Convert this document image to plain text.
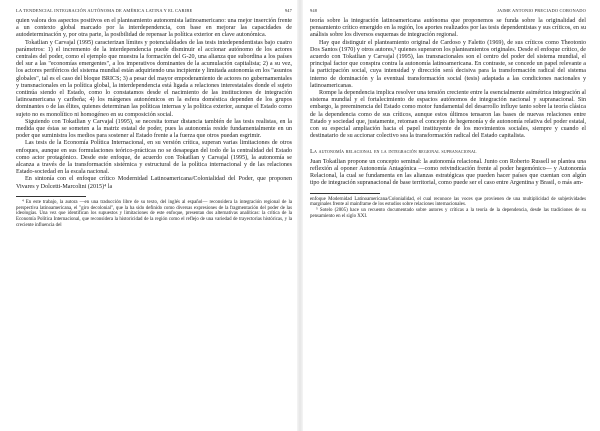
LA TENDENCIAL INTEGRACIÓN AUTÓNOMA DE AMÉRICA LATINA Y EL CARIBE	947

quien valora dos aspectos positivos en el planteamiento autonomista latinoamericano: una mejor inserción frente a un contexto global marcado por la interdependencia, con base en mejorar las capacidades de autodeterminación y, por otra parte, la posibilidad de repensar la política exterior en clave autonómica.

Tokatlian y Carvajal (1995) caracterizan límites y potencialidades de las tesis intedependentistas bajo cuatro parámetros: 1) el incremento de la interdependencia puede disminuir el accionar autónomo de los actores centrales del poder, como el ejemplo que muestra la formación del G-20, una alianza que subordina a los países del sur a las "economías emergentes", a los imperativos dominantes de la acumulación capitalista; 2) a su vez, los actores periféricos del sistema mundial están adquiriendo una incipiente y limitada autonomía en los "asuntos globales", tal es el caso del bloque BRICS; 3) a pesar del mayor empoderamiento de actores no gubernamentales y transnacionales en la política global, la interdependencia está ligada a relaciones interestatales donde el sujeto continúa siendo el Estado, como lo constatamos desde el nacimiento de las instituciones de integración latinoamericana y caribeña; 4) los márgenes autonómicos en la esfera doméstica dependen de los grupos dominantes o de las élites, quienes determinan las políticas internas y la política exterior, aunque el Estado como sujeto no es monolítico ni homogéneo en su composición social.

Siguiendo con Tokatlian y Carvajal (1995), se necesita tomar distancia también de las tesis realistas, en la medida que éstas se someten a la matriz estatal de poder, pues la autonomía reside fundamentalmente en un poder que suministra los medios para sostener al Estado frente a la fuerza que otros puedan esgrimir.

Las tesis de la Economía Política Internacional, en su versión crítica, superan varias limitaciones de otros enfoques, aunque en sus formulaciones teórico-prácticas no se desapegan del todo de la centralidad del Estado como actor protagónico. Desde este enfoque, de acuerdo con Tokatlian y Carvajal (1995), la autonomía se alcanza a través de la transformación sistémica y estructural de la política internacional y de las relaciones Estado-sociedad en la escala nacional.

En sintonía con el enfoque crítico Modernidad Latinoamericana/Colonialidad del Poder, que proponen Vivares y Dolcetti-Marcolini (2015)⁴ la

⁴ En este trabajo, la autora —en una traducción libre de su texto, del inglés al español— reconsidera la integración regional de la perspectiva latinoamericana, el "giro decolonial", que la ha sido definido como diversas expresiones de la fragmentación del poder de las ideologías. Una vez que identifican los supuestos y limitaciones de este enfoque, presentan dos alternativas analíticas: la crítica de la Economía Política Internacional, que reconsidera la historicidad de la región como el reflejo de una variedad de trayectorias históricas, y la creciente influencia del

948	JAIME ANTONIO PRECIADO CORONADO

teoría sobre la integración latinoamericana autónoma que proponemos se funda sobre la originalidad del pensamiento crítico emergido en la región, los aportes realizados por las tesis dependentistas y sus críticos, en su análisis sobre los diversos esquemas de integración regional.

Hay que distinguir el planteamiento original de Cardoso y Faletto (1969), de sus críticos como Theotonio Dos Santos (1970) y otros autores,⁵ quienes superaron los planteamientos originales. Desde el enfoque crítico, de acuerdo con Tokatlian y Carvajal (1995), las transnacionales son el centro del poder del sistema mundial, el principal factor que conspira contra la autonomía latinoamericana. En contraste, se concede un papel relevante a la participación social, cuya intensidad y dirección será decisiva para la transformación radical del sistema interno de dominación y la eventual transformación social (tesis) adaptada a las condiciones nacionales y latinoamericanas.

Rompe la dependencia implica resolver una tensión creciente entre la esencialmente asimétrica integración al sistema mundial y el fortalecimiento de espacios autónomos de integración nacional y supranacional. Sin embargo, la preeminencia del Estado como motor fundamental del desarrollo influye tanto sobre la teoría clásica de la dependencia como de sus críticos, aunque estos últimos tensaron las bases de nuevas relaciones entre Estado y sociedad que, justamente, retoman el concepto de hegemonía y de autonomía relativa del poder estatal, con su especial ampliación hacia el papel instituyente de los movimientos sociales, siempre y cuando el destinatario de su accionar colectivo sea la transformación radical del Estado capitalista.

La autonomía relacional en la integración regional supranacional

Juan Tokatlian propone un concepto seminal: la autonomía relacional. Junto con Roberto Russell se plantea una reflexión al oponer Autonomía Antagónica —como reivindicación frente al poder hegemónico— y Autonomía Relacional, la cual se fundamenta en las alianzas estratégicas que pueden hacer países que cuentan con algún tipo de integración supranacional de base territorial, como puede ser el caso entre Argentina y Brasil, o más am-

enfoque Modernidad Latinoamericana/Colonialidad, el cual reconoce las voces que provienen de una multiplicidad de subjetividades marginales frente al mainframe de los estudios sobre relaciones internacionales.

⁵ Sotelo (2005) hace un recuento documentado sobre autores y críticas a la teoría de la dependencia, desde las tradiciones de su pensamiento en el siglo XXI.
